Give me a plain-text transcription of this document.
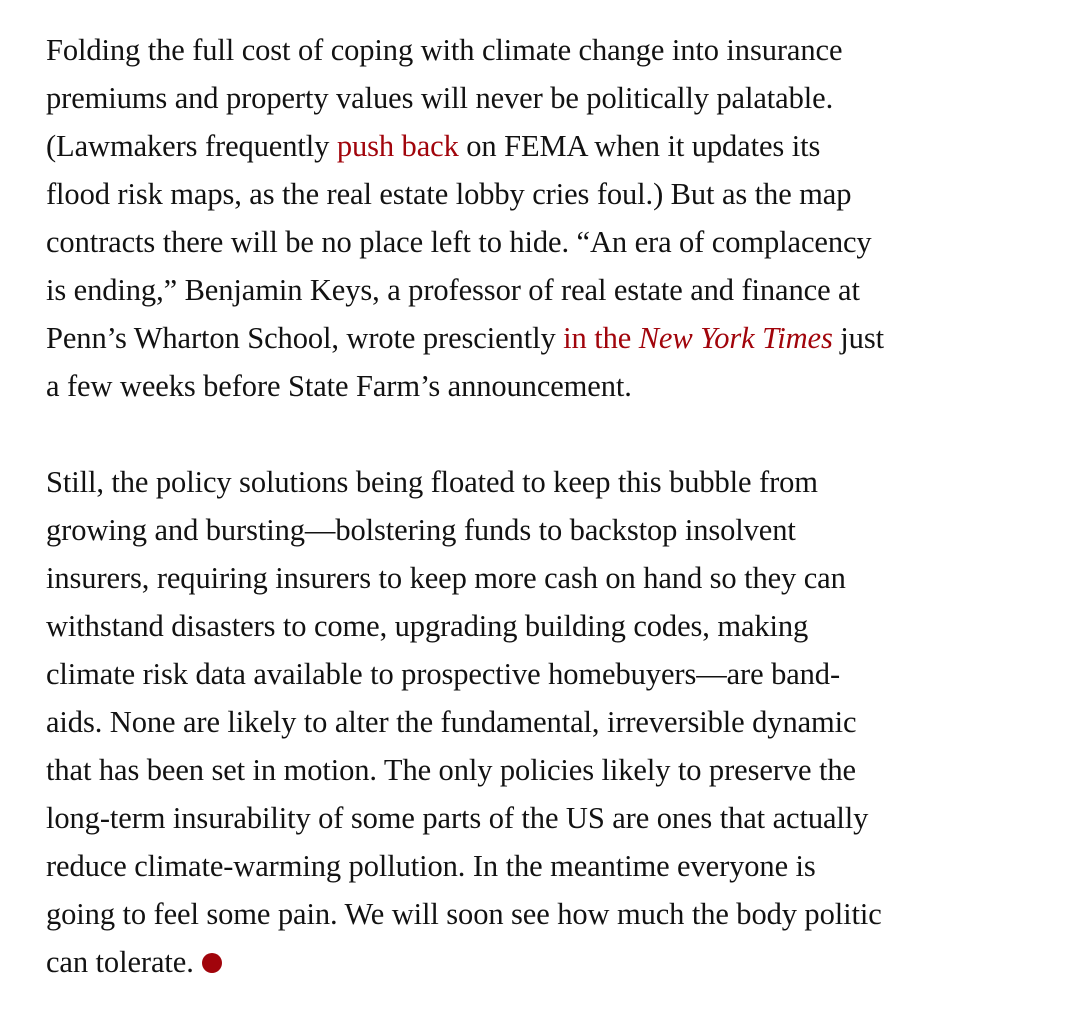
Folding the full cost of coping with climate change into insurance
premiums and property values will never be politically palatable.
(Lawmakers frequently push back on FEMA when it updates its
flood risk maps, as the real estate lobby cries foul.) But as the map
contracts there will be no place left to hide. “An era of complacency
is ending,” Benjamin Keys, a professor of real estate and finance at
Penn’s Wharton School, wrote presciently in the New York Times just
a few weeks before State Farm’s announcement.

Still, the policy solutions being floated to keep this bubble from
growing and bursting—bolstering funds to backstop insolvent
insurers, requiring insurers to keep more cash on hand so they can
withstand disasters to come, upgrading building codes, making
climate risk data available to prospective homebuyers—are band-
aids. None are likely to alter the fundamental, irreversible dynamic
that has been set in motion. The only policies likely to preserve the
long-term insurability of some parts of the US are ones that actually
reduce climate-warming pollution. In the meantime everyone is
going to feel some pain. We will soon see how much the body politic
can tolerate.
